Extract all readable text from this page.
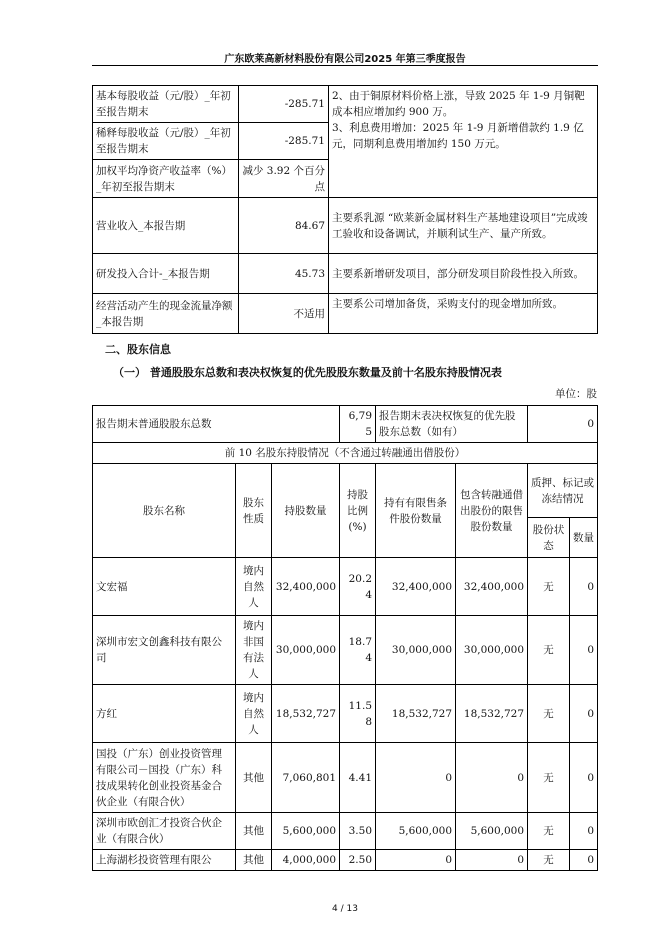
广东欧莱高新材料股份有限公司2025 年第三季度报告
基本每股收益（元/股）_年初至报告期末	-285.71	2、由于铜原材料价格上涨，导致 2025 年 1-9 月铜靶成本相应增加约 900 万。
3、利息费用增加：2025 年 1-9 月新增借款约 1.9 亿元，同期利息费用增加约 150 万元。

稀释每股收益（元/股）_年初至报告期末	-285.71	
加权平均净资产收益率（%）_年初至报告期末	减少 3.92 个百分点	
营业收入_本报告期	84.67	主要系乳源 “欧莱新金属材料生产基地建设项目”完成竣工验收和设备调试，并顺利试生产、量产所致。
研发投入合计-_本报告期	45.73	主要系新增研发项目，部分研发项目阶段性投入所致。
经营活动产生的现金流量净额_本报告期	不适用	主要系公司增加备货，采购支付的现金增加所致。
二、股东信息
（一） 普通股股东总数和表决权恢复的优先股股东数量及前十名股东持股情况表
单位：股
报告期末普通股股东总数			6,795	报告期末表决权恢复的优先股股东总数（如有）		0	
前 10 名股东持股情况（不含通过转融通出借股份）							
股东名称	股东性质	持股数量	持股比例(%)	持有有限售条件股份数量	包含转融通借出股份的限售股份数量	质押、标记或冻结情况	
						股份状态	数量
文宏福	境内自然人	32,400,000	20.24	32,400,000	32,400,000	无	0
深圳市宏文创鑫科技有限公司	境内非国有法人	30,000,000	18.74	30,000,000	30,000,000	无	0
方红	境内自然人	18,532,727	11.58	18,532,727	18,532,727	无	0
国投（广东）创业投资管理有限公司－国投（广东）科技成果转化创业投资基金合伙企业（有限合伙）	其他	7,060,801	4.41	0	0	无	0
深圳市欧创汇才投资合伙企业（有限合伙）	其他	5,600,000	3.50	5,600,000	5,600,000	无	0
上海湖杉投资管理有限公	其他	4,000,000	2.50	0	0	无	0
4 / 13
